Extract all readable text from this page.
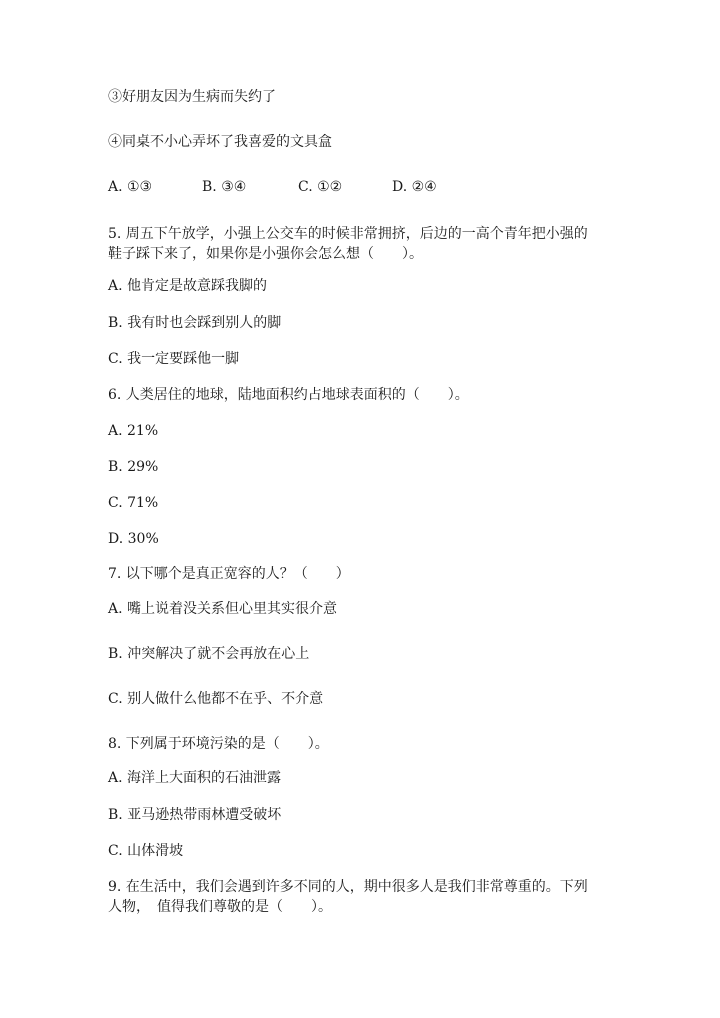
③好朋友因为生病而失约了
④同桌不小心弄坏了我喜爱的文具盒
A. ①③	B. ③④	C. ①②	D. ②④
5. 周五下午放学，小强上公交车的时候非常拥挤，后边的一高个青年把小强的
鞋子踩下来了，如果你是小强你会怎么想（　　）。
A. 他肯定是故意踩我脚的
B. 我有时也会踩到别人的脚
C. 我一定要踩他一脚
6. 人类居住的地球，陆地面积约占地球表面积的（　　）。
A. 21%
B. 29%
C. 71%
D. 30%
7. 以下哪个是真正宽容的人？（　　）
A. 嘴上说着没关系但心里其实很介意
B. 冲突解决了就不会再放在心上
C. 别人做什么他都不在乎、不介意
8. 下列属于环境污染的是（　　）。
A. 海洋上大面积的石油泄露
B. 亚马逊热带雨林遭受破坏
C. 山体滑坡
9. 在生活中，我们会遇到许多不同的人，期中很多人是我们非常尊重的。下列
人物，　值得我们尊敬的是（　　）。
